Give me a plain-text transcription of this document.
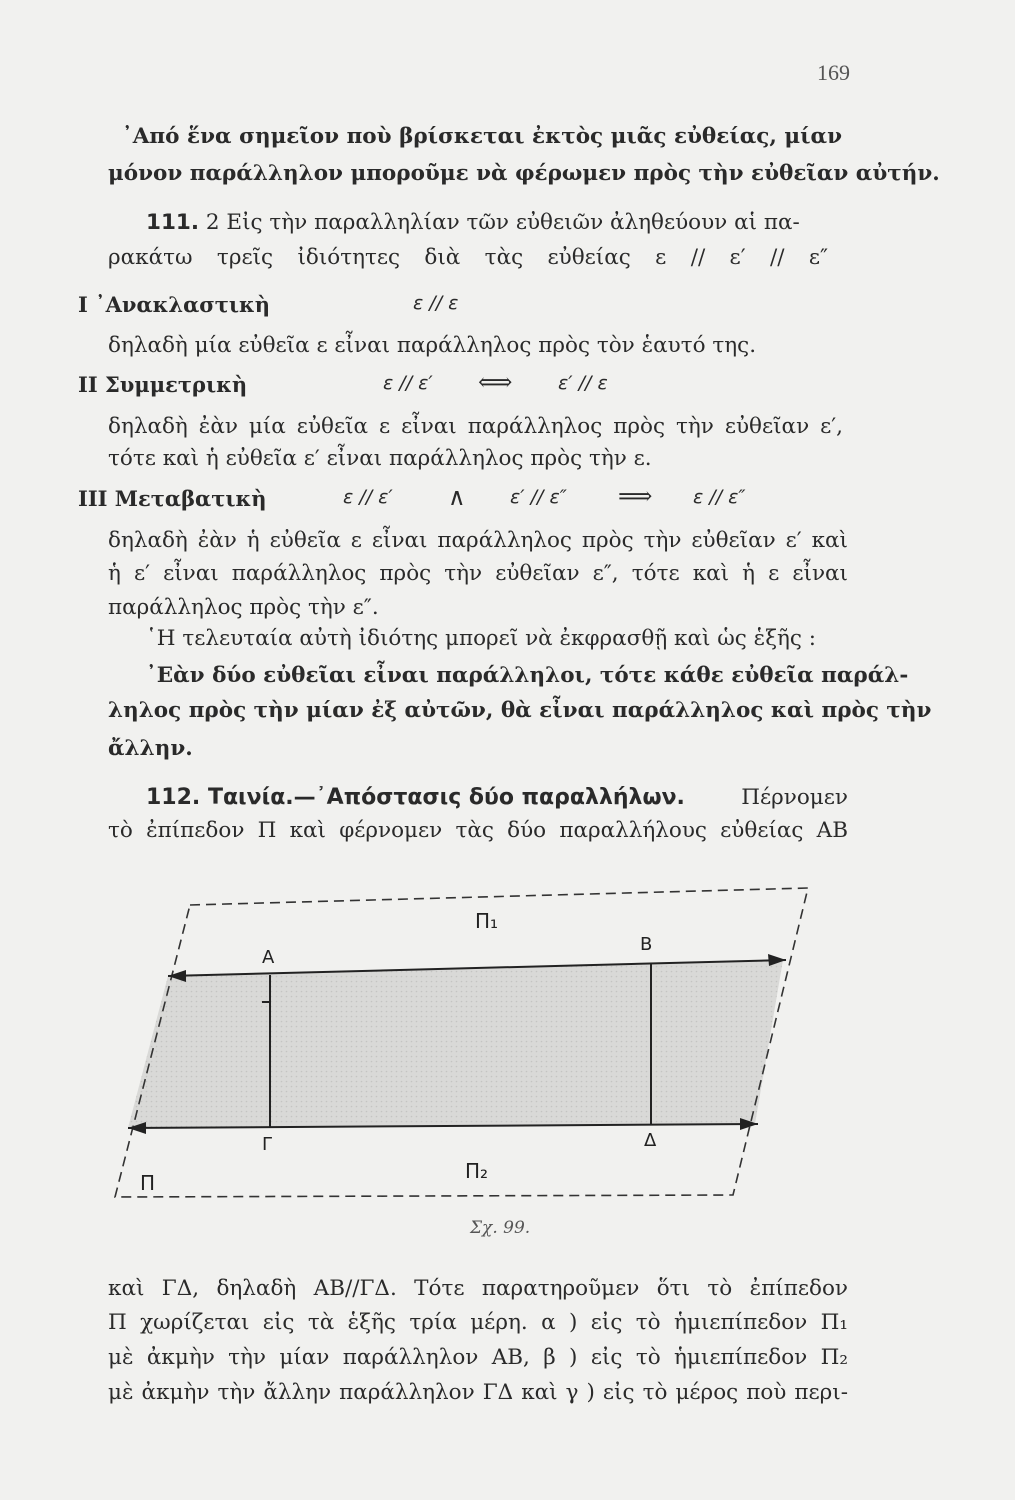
169
᾿Από ἕνα σημεῖον ποὺ βρίσκεται ἐκτὸς μιᾶς εὐθείας, μίαν
μόνον παράλληλον μποροῦμε νὰ φέρωμεν πρὸς τὴν εὐθεῖαν αὐτήν.
111. 2 Εἰς τὴν παραλληλίαν τῶν εὐθειῶν ἀληθεύουν αἱ πα-
ρακάτω τρεῖς ἰδιότητες διὰ τὰς εὐθείας ε // ε′ // ε″
I ᾿Ανακλαστικὴ	ε // ε
δηλαδὴ μία εὐθεῖα ε εἶναι παράλληλος πρὸς τὸν ἑαυτό της.
II Συμμετρικὴ	ε // ε′ ⟺ ε′ // ε
δηλαδὴ ἐὰν μία εὐθεῖα ε εἶναι παράλληλος πρὸς τὴν εὐθεῖαν ε′,
τότε καὶ ἡ εὐθεῖα ε′ εἶναι παράλληλος πρὸς τὴν ε.
III Μεταβατικὴ	ε // ε′ ∧ ε′ // ε″ ⟹ ε // ε″
δηλαδὴ ἐὰν ἡ εὐθεῖα ε εἶναι παράλληλος πρὸς τὴν εὐθεῖαν ε′ καὶ
ἡ ε′ εἶναι παράλληλος πρὸς τὴν εὐθεῖαν ε″, τότε καὶ ἡ ε εἶναι
παράλληλος πρὸς τὴν ε″.
῾Η τελευταία αὐτὴ ἰδιότης μπορεῖ νὰ ἐκφρασθῇ καὶ ὡς ἑξῆς :
᾿Εὰν δύο εὐθεῖαι εἶναι παράλληλοι, τότε κάθε εὐθεῖα παράλ-
ληλος πρὸς τὴν μίαν ἐξ αὐτῶν, θὰ εἶναι παράλληλος καὶ πρὸς τὴν
ἄλλην.
112. Ταινία.—᾿Απόστασις δύο παραλλήλων.	Πέρνομεν
τὸ ἐπίπεδον Π καὶ φέρνομεν τὰς δύο παραλλήλους εὐθείας ΑΒ
Π₁
Α
Β
Γ	Δ
Π₂
Π
Σχ. 99.
καὶ ΓΔ, δηλαδὴ ΑΒ//ΓΔ. Τότε παρατηροῦμεν ὅτι τὸ ἐπίπεδον
Π χωρίζεται εἰς τὰ ἑξῆς τρία μέρη. α ) εἰς τὸ ἡμιεπίπεδον Π₁
μὲ ἀκμὴν τὴν μίαν παράλληλον ΑΒ, β ) εἰς τὸ ἡμιεπίπεδον Π₂
μὲ ἀκμὴν τὴν ἄλλην παράλληλον ΓΔ καὶ γ ) εἰς τὸ μέρος ποὺ περι-
